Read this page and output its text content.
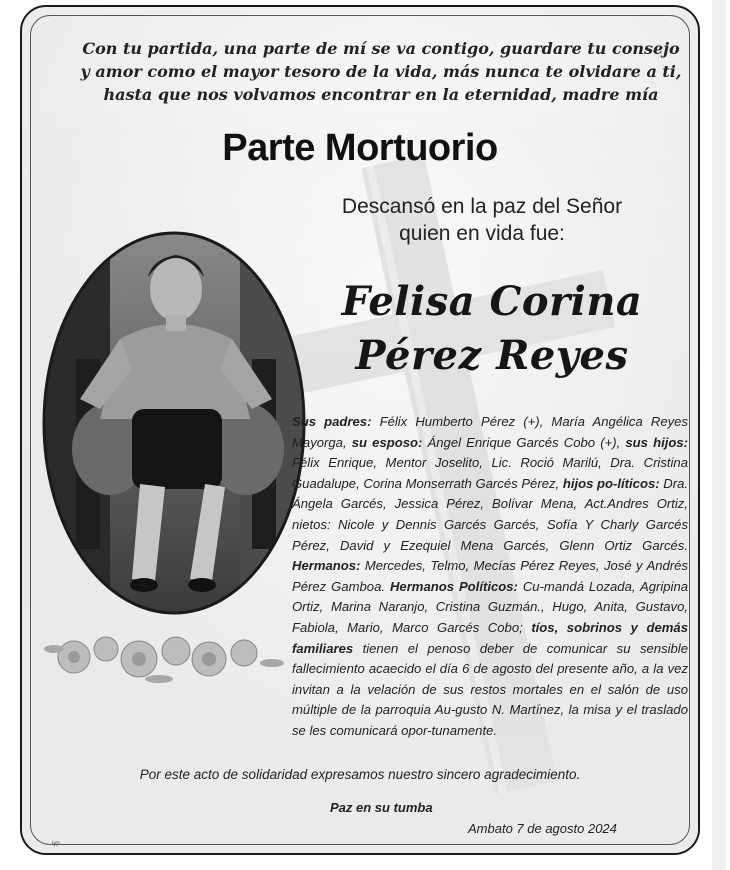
Con tu partida, una parte de mí se va contigo, guardare tu consejo
y amor como el mayor tesoro de la vida, más nunca te olvidare a ti,
hasta que nos volvamos encontrar en la eternidad, madre mía
Parte Mortuorio
Descansó en la paz del Señor
quien en vida fue:
Felisa Corina
Pérez Reyes
Sus padres: Félix Humberto Pérez (+), María Angélica Reyes Mayorga, su esposo: Ángel Enrique Garcés Cobo (+), sus hijos: Félix Enrique, Mentor Joselito, Lic. Roció Marilú, Dra. Cristina Guadalupe, Corina Monserrath Garcés Pérez, hijos po-líticos: Dra. Ángela Garcés, Jessica Pérez, Bolívar Mena, Act.Andres Ortiz, nietos: Nicole y Dennis Garcés Garcés, Sofía Y Charly Garcés Pérez, David y Ezequiel Mena Garcés, Glenn Ortiz Garcés. Hermanos: Mercedes, Telmo, Mecías Pérez Reyes, José y Andrés Pérez Gamboa. Hermanos Políticos: Cu-mandá Lozada, Agripina Ortiz, Marina Naranjo, Cristina Guzmán., Hugo, Anita, Gustavo, Fabiola, Mario, Marco Garcés Cobo; tíos, sobrinos y demás familiares tienen el penoso deber de comunicar su sensible fallecimiento acaecido el día 6 de agosto del presente año, a la vez invitan a la velación de sus restos mortales en el salón de uso múltiple de la parroquia Au-gusto N. Martínez, la misa y el traslado se les comunicará opor-tunamente.
Por este acto de solidaridad expresamos nuestro sincero agradecimiento.
Paz en su tumba
Ambato 7 de agosto 2024
iyp
